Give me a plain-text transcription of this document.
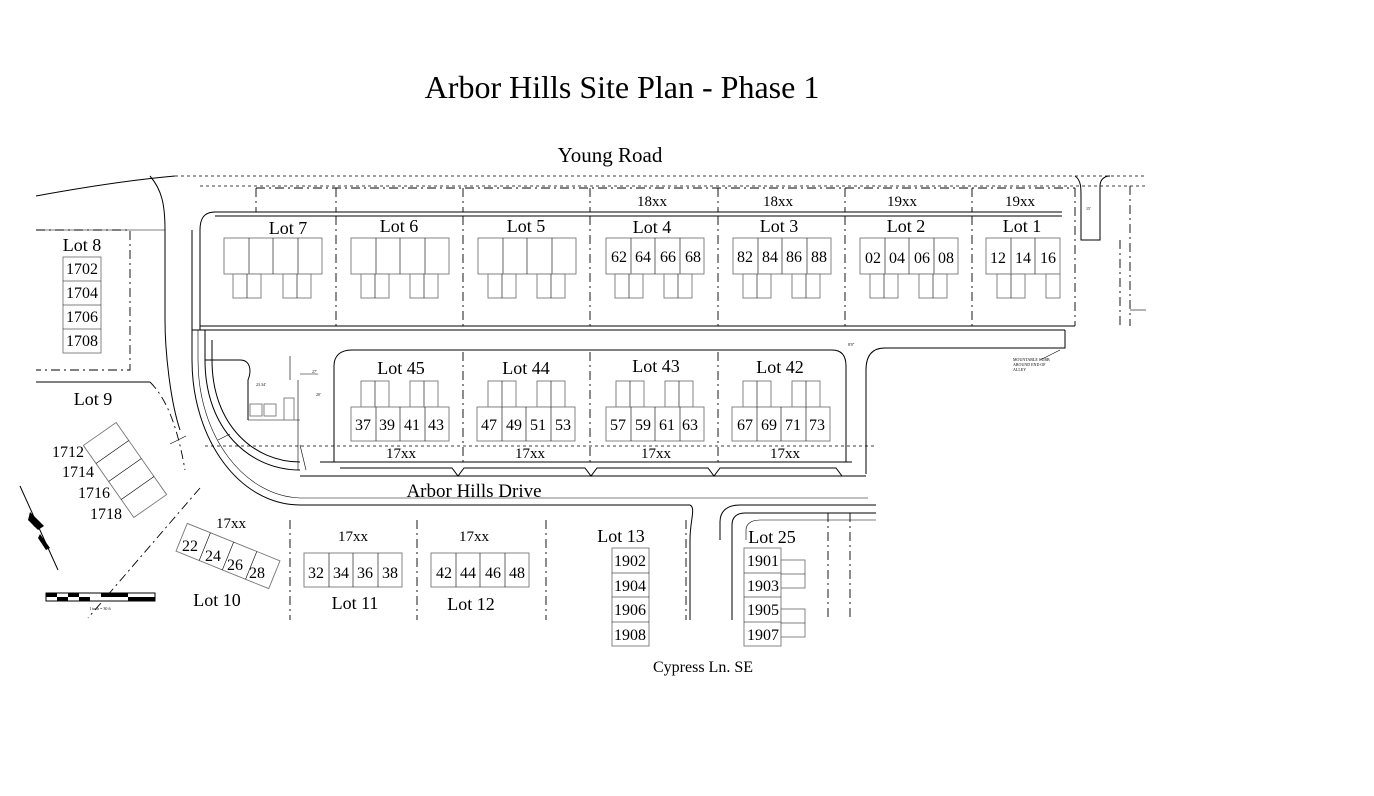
Arbor Hills Site Plan - Phase 1
Young Road
15'
Lot 7	Lot 6	Lot 5
18xx
Lot 4
62 64 66 68
18xx
Lot 3
82 84 86 88
19xx
Lot 2
02 04 06 08
19xx
Lot 1
12 14 16
8'0"
Lot 45
37 39 41 43
17xx
Lot 44
47 49 51 53
17xx
Lot 43
57 59 61 63
17xx
Lot 42
67 69 71 73
17xx
Arbor Hills Drive
23.34'
27'
20'
Lot 8
1702
1704
1706
1708
Lot 9
1712
1714
1716
1718
17xx
22
24
26 28
Lot 10
17xx
32 34 36 38
Lot 11
17xx
42 44 46 48
Lot 12
Lot 13
1902
1904
1906
1908
Lot 25
1901
1903
1905
1907
Cypress Ln. SE
MOUNTABLE CURB
AROUND END OF
ALLEY
1 inch = 30 ft
